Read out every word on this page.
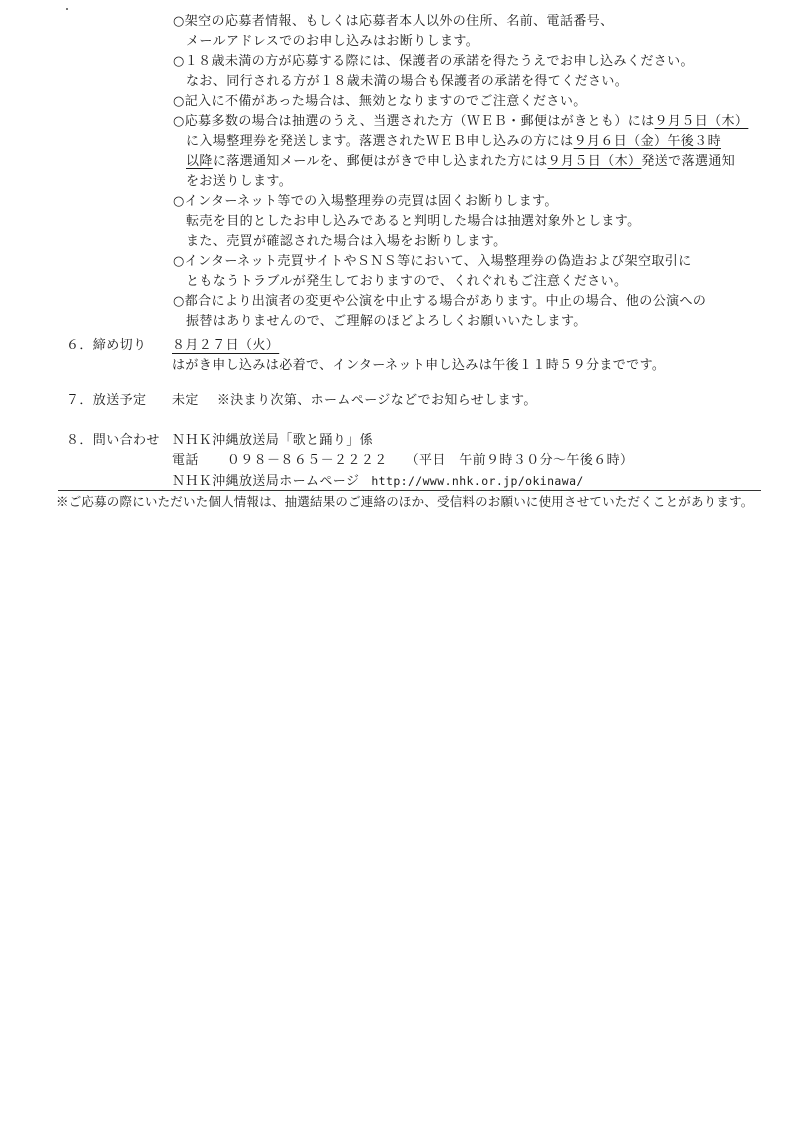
○架空の応募者情報、もしくは応募者本人以外の住所、名前、電話番号、
メールアドレスでのお申し込みはお断りします。
○１８歳未満の方が応募する際には、保護者の承諾を得たうえでお申し込みください。
なお、同行される方が１８歳未満の場合も保護者の承諾を得てください。
○記入に不備があった場合は、無効となりますのでご注意ください。
○応募多数の場合は抽選のうえ、当選された方（ＷＥＢ・郵便はがきとも）には９月５日（木）
に入場整理券を発送します。落選されたＷＥＢ申し込みの方には９月６日（金）午後３時
以降に落選通知メールを、郵便はがきで申し込まれた方には９月５日（木）発送で落選通知
をお送りします。
○インターネット等での入場整理券の売買は固くお断りします。
転売を目的としたお申し込みであると判明した場合は抽選対象外とします。
また、売買が確認された場合は入場をお断りします。
○インターネット売買サイトやＳＮＳ等において、入場整理券の偽造および架空取引に
ともなうトラブルが発生しておりますので、くれぐれもご注意ください。
○都合により出演者の変更や公演を中止する場合があります。中止の場合、他の公演への
振替はありませんので、ご理解のほどよろしくお願いいたします。
６．締め切り ８月２７日（火）
はがき申し込みは必着で、インターネット申し込みは午後１１時５９分までです。
７．放送予定 未定 ※決まり次第、ホームページなどでお知らせします。
８．問い合わせ ＮＨＫ沖縄放送局「歌と踊り」係
電話 ０９８－８６５－２２２２ （平日　午前９時３０分～午後６時）
ＮＨＫ沖縄放送局ホームページ http://www.nhk.or.jp/okinawa/
※ご応募の際にいただいた個人情報は、抽選結果のご連絡のほか、受信料のお願いに使用させていただくことがあります。
